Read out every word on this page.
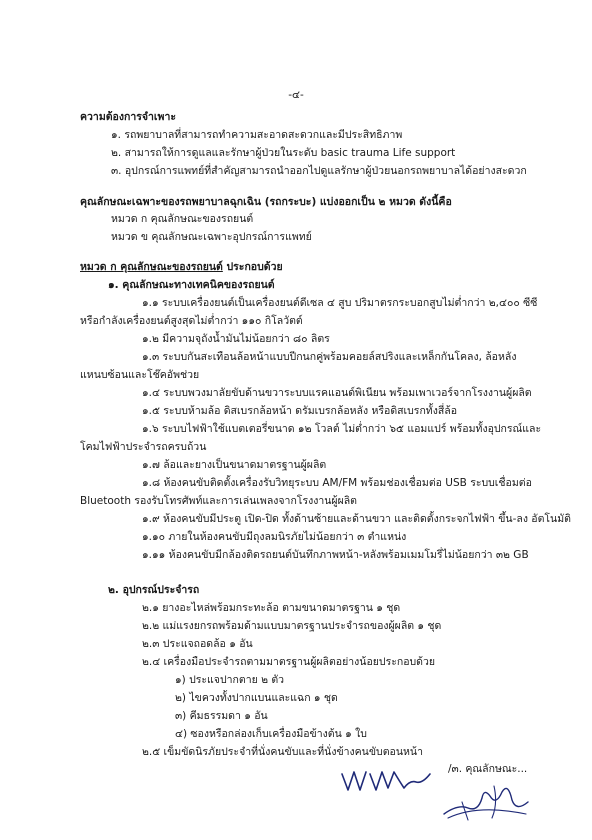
-๔-
ความต้องการจำเพาะ
๑. รถพยาบาลที่สามารถทำความสะอาดสะดวกและมีประสิทธิภาพ
๒. สามารถให้การดูแลและรักษาผู้ป่วยในระดับ basic trauma Life support
๓. อุปกรณ์การแพทย์ที่สำคัญสามารถนำออกไปดูแลรักษาผู้ป่วยนอกรถพยาบาลได้อย่างสะดวก
คุณลักษณะเฉพาะของรถพยาบาลฉุกเฉิน (รถกระบะ) แบ่งออกเป็น ๒ หมวด ดังนี้คือ
หมวด ก คุณลักษณะของรถยนต์
หมวด ข คุณลักษณะเฉพาะอุปกรณ์การแพทย์
หมวด ก คุณลักษณะของรถยนต์ ประกอบด้วย
๑. คุณลักษณะทางเทคนิคของรถยนต์
๑.๑ ระบบเครื่องยนต์เป็นเครื่องยนต์ดีเซล ๔ สูบ ปริมาตรกระบอกสูบไม่ต่ำกว่า ๒,๔๐๐ ซีซี
หรือกำลังเครื่องยนต์สูงสุดไม่ต่ำกว่า ๑๑๐ กิโลวัตต์
๑.๒ มีความจุถังน้ำมันไม่น้อยกว่า ๘๐ ลิตร
๑.๓ ระบบกันสะเทือนล้อหน้าแบบปีกนกคู่พร้อมคอยล์สปริงและเหล็กกันโคลง, ล้อหลัง
แหนบซ้อนและโช๊คอัพช่วย
๑.๔ ระบบพวงมาลัยขับด้านขวาระบบแรคแอนด์พิเนียน พร้อมเพาเวอร์จากโรงงานผู้ผลิต
๑.๕ ระบบห้ามล้อ ดิสเบรกล้อหน้า ดรัมเบรกล้อหลัง หรือดิสเบรกทั้งสี่ล้อ
๑.๖ ระบบไฟฟ้าใช้แบตเตอรี่ขนาด ๑๒ โวลต์ ไม่ต่ำกว่า ๖๕ แอมแปร์ พร้อมทั้งอุปกรณ์และ
โคมไฟฟ้าประจำรถครบถ้วน
๑.๗ ล้อและยางเป็นขนาดมาตรฐานผู้ผลิต
๑.๘ ห้องคนขับติดตั้งเครื่องรับวิทยุระบบ AM/FM พร้อมช่องเชื่อมต่อ USB ระบบเชื่อมต่อ
Bluetooth รองรับโทรศัพท์และการเล่นเพลงจากโรงงานผู้ผลิต
๑.๙ ห้องคนขับมีประตู เปิด-ปิด ทั้งด้านซ้ายและด้านขวา และติดตั้งกระจกไฟฟ้า ขึ้น-ลง อัตโนมัติ
๑.๑๐ ภายในห้องคนขับมีถุงลมนิรภัยไม่น้อยกว่า ๓ ตำแหน่ง
๑.๑๑ ห้องคนขับมีกล้องติดรถยนต์บันทึกภาพหน้า-หลังพร้อมเมมโมรี่ไม่น้อยกว่า ๓๒ GB
๒. อุปกรณ์ประจำรถ
๒.๑ ยางอะไหล่พร้อมกระทะล้อ ตามขนาดมาตรฐาน ๑ ชุด
๒.๒ แม่แรงยกรถพร้อมด้ามแบบมาตรฐานประจำรถของผู้ผลิต ๑ ชุด
๒.๓ ประแจถอดล้อ ๑ อัน
๒.๔ เครื่องมือประจำรถตามมาตรฐานผู้ผลิตอย่างน้อยประกอบด้วย
๑) ประแจปากตาย ๒ ตัว
๒) ไขควงทั้งปากแบนและแฉก ๑ ชุด
๓) คีมธรรมดา ๑ อัน
๔) ซองหรือกล่องเก็บเครื่องมือข้างต้น ๑ ใบ
๒.๕ เข็มขัดนิรภัยประจำที่นั่งคนขับและที่นั่งข้างคนขับตอนหน้า
/๓. คุณลักษณะ...
